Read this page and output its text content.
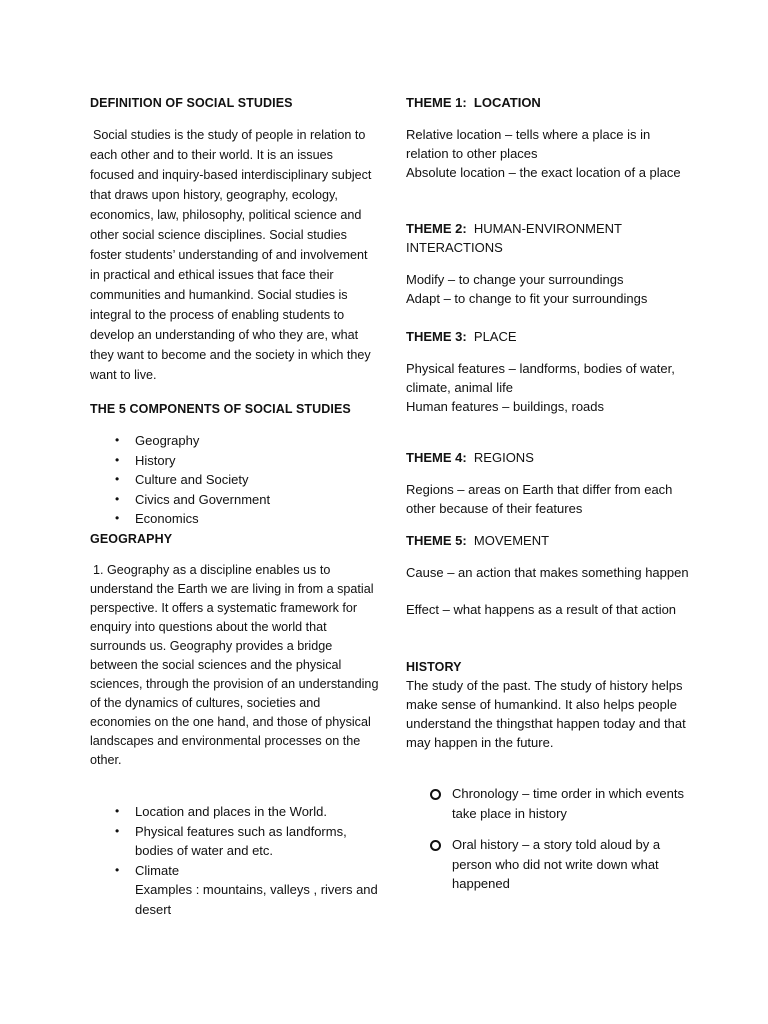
DEFINITION OF SOCIAL STUDIES

Social studies is the study of people in relation to each other and to their world. It is an issues focused and inquiry-based interdisciplinary subject that draws upon history, geography, ecology, economics, law, philosophy, political science and other social science disciplines. Social studies foster students’ understanding of and involvement in practical and ethical issues that face their communities and humankind. Social studies is integral to the process of enabling students to develop an understanding of who they are, what they want to become and the society in which they want to live.

THE 5 COMPONENTS OF SOCIAL STUDIES

• Geography
• History
• Culture and Society
• Civics and Government
• Economics

GEOGRAPHY

1. Geography as a discipline enables us to understand the Earth we are living in from a spatial perspective. It offers a systematic framework for enquiry into questions about the world that surrounds us. Geography provides a bridge between the social sciences and the physical sciences, through the provision of an understanding of the dynamics of cultures, societies and economies on the one hand, and those of physical landscapes and environmental processes on the other.

• Location and places in the World.
• Physical features such as landforms, bodies of water and etc.
• Climate
Examples : mountains, valleys , rivers and desert

THEME 1: LOCATION

Relative location – tells where a place is in relation to other places

Absolute location – the exact location of a place

THEME 2: HUMAN-ENVIRONMENT INTERACTIONS

Modify – to change your surroundings

Adapt – to change to fit your surroundings

THEME 3: PLACE

Physical features – landforms, bodies of water, climate, animal life

Human features – buildings, roads

THEME 4: REGIONS

Regions – areas on Earth that differ from each other because of their features

THEME 5: MOVEMENT

Cause – an action that makes something happen

Effect – what happens as a result of that action

HISTORY

The study of the past. The study of history helps make sense of humankind. It also helps people understand the thingsthat happen today and that may happen in the future.

Chronology – time order in which events take place in history
Oral history – a story told aloud by a person who did not write down what happened
